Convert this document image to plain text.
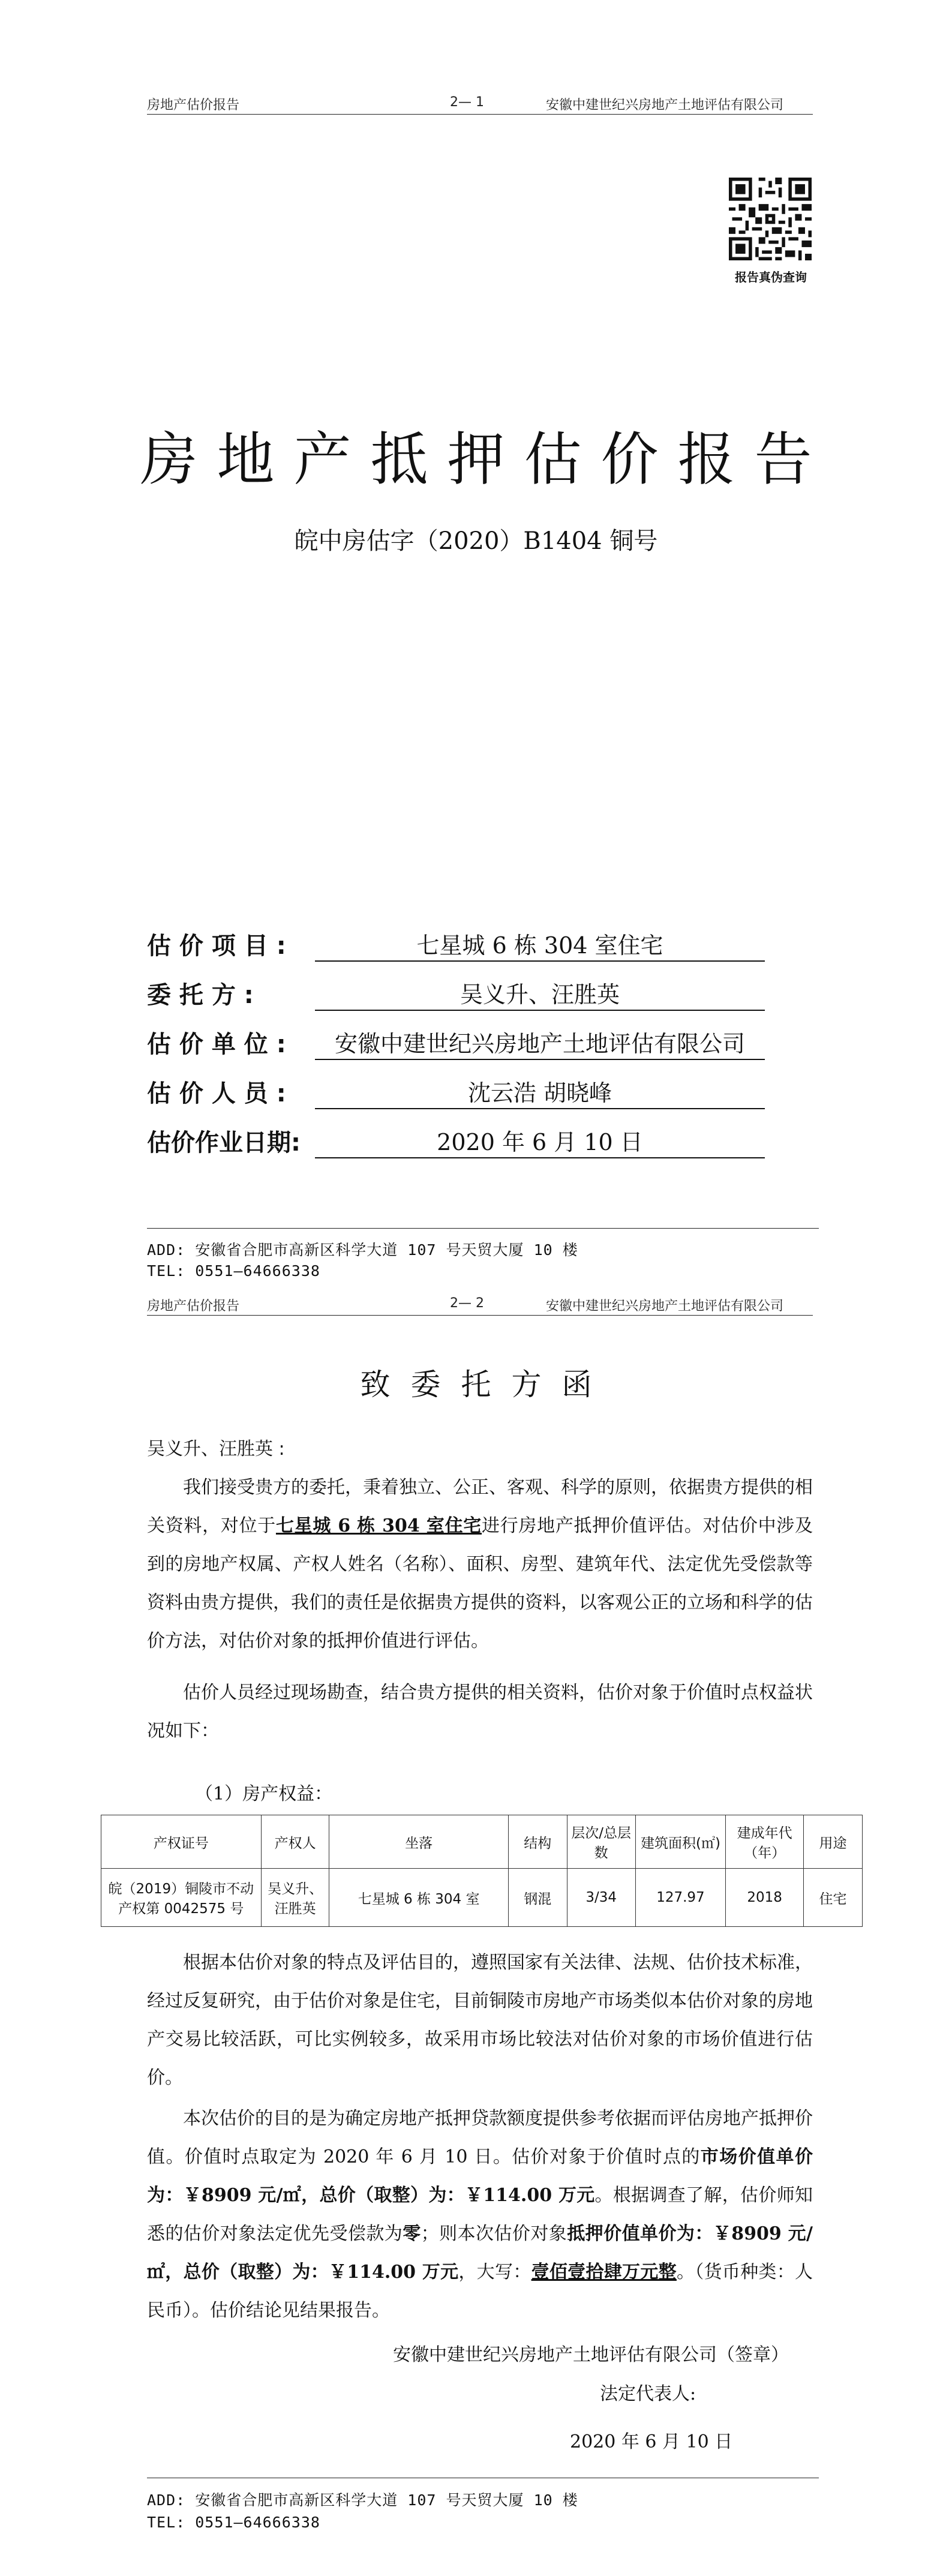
房地产估价报告	2— 1	安徽中建世纪兴房地产土地评估有限公司
报告真伪查询
房地产抵押估价报告
皖中房估字（2020）B1404 铜号
估 价 项 目 :	七星城 6 栋 304 室住宅
委 托 方 :	吴义升、汪胜英
估 价 单 位 :	安徽中建世纪兴房地产土地评估有限公司
估 价 人 员 :	沈云浩 胡晓峰
估价作业日期:	2020 年 6 月 10 日
ADD: 安徽省合肥市高新区科学大道 107 号天贸大厦 10 楼
TEL: 0551—64666338
房地产估价报告	2— 2	安徽中建世纪兴房地产土地评估有限公司
致委托方函
吴义升、汪胜英 :
我们接受贵方的委托，秉着独立、公正、客观、科学的原则，依据贵方提供的相关资料，对位于七星城 6 栋 304 室住宅进行房地产抵押价值评估。对估价中涉及到的房地产权属、产权人姓名（名称）、面积、房型、建筑年代、法定优先受偿款等资料由贵方提供，我们的责任是依据贵方提供的资料，以客观公正的立场和科学的估价方法，对估价对象的抵押价值进行评估。
估价人员经过现场勘查，结合贵方提供的相关资料，估价对象于价值时点权益状况如下：
（1）房产权益：
产权证号	产权人	坐落	结构	层次/总层数	建筑面积(㎡)	建成年代（年）	用途
皖（2019）铜陵市不动产权第 0042575 号	吴义升、汪胜英	七星城 6 栋 304 室	钢混	3/34	127.97	2018	住宅
根据本估价对象的特点及评估目的，遵照国家有关法律、法规、估价技术标准，经过反复研究，由于估价对象是住宅，目前铜陵市房地产市场类似本估价对象的房地产交易比较活跃，可比实例较多，故采用市场比较法对估价对象的市场价值进行估价。
本次估价的目的是为确定房地产抵押贷款额度提供参考依据而评估房地产抵押价值。价值时点取定为 2020 年 6 月 10 日。估价对象于价值时点的市场价值单价为：￥8909 元/㎡，总价（取整）为：￥114.00 万元。根据调查了解，估价师知悉的估价对象法定优先受偿款为零；则本次估价对象抵押价值单价为：￥8909 元/㎡，总价（取整）为：￥114.00 万元，大写：壹佰壹拾肆万元整。（货币种类：人民币）。估价结论见结果报告。
安徽中建世纪兴房地产土地评估有限公司（签章）
法定代表人:
2020 年 6 月 10 日
ADD: 安徽省合肥市高新区科学大道 107 号天贸大厦 10 楼
TEL: 0551—64666338
